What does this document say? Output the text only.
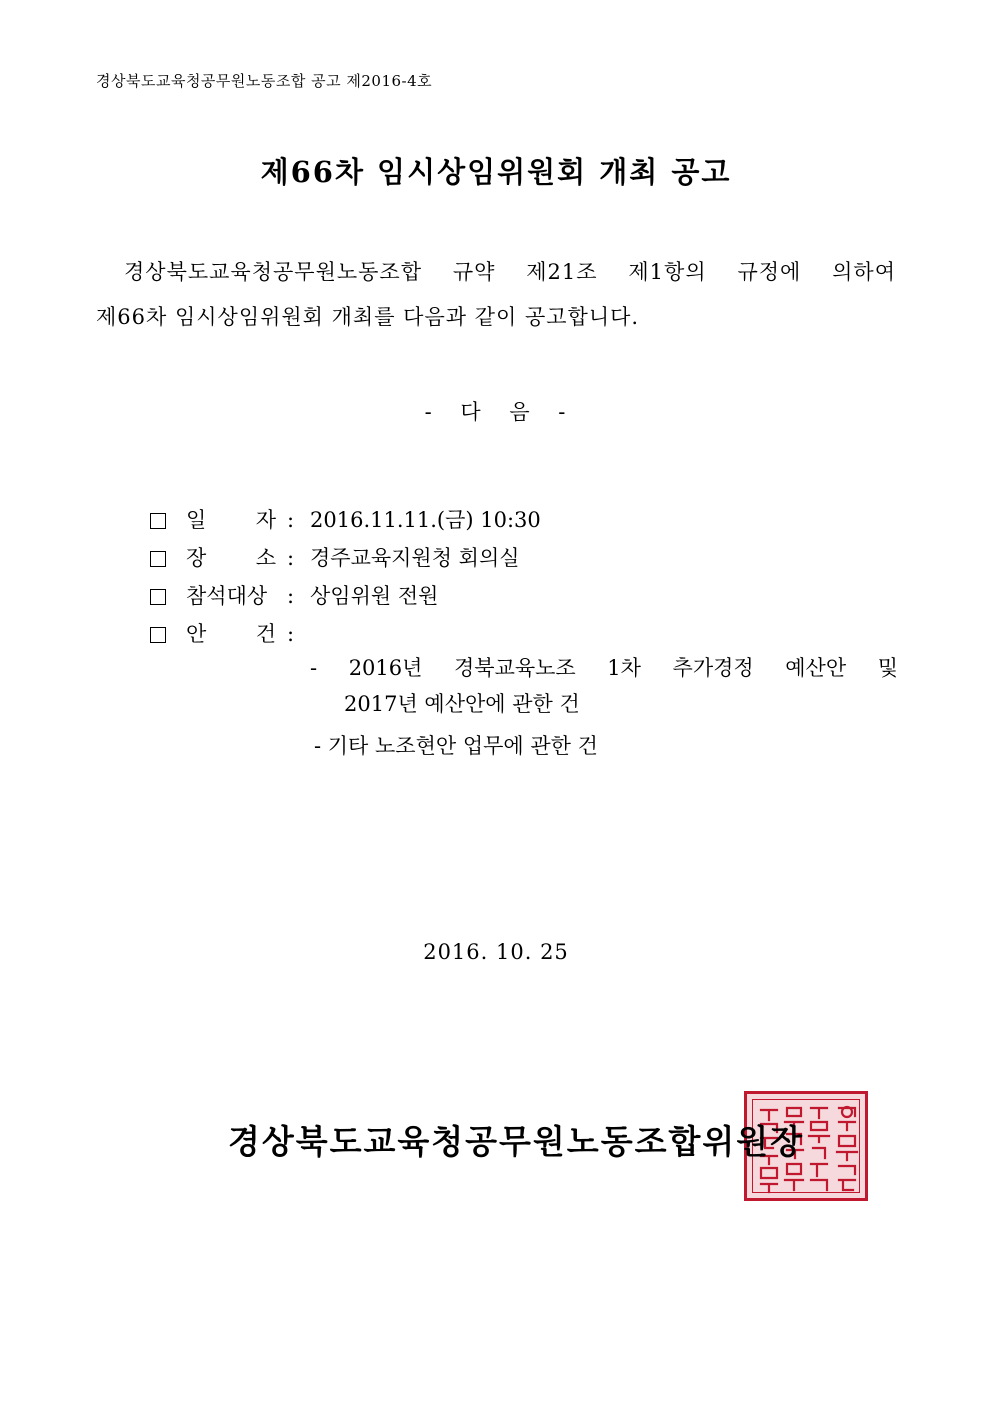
경상북도교육청공무원노동조합 공고 제2016-4호
제66차 임시상임위원회 개최 공고
경상북도교육청공무원노동조합 규약 제21조 제1항의 규정에 의하여
제66차 임시상임위원회 개최를 다음과 같이 공고합니다.
- 다 음 -
일 자 : 2016.11.11.(금) 10:30
장 소 : 경주교육지원청 회의실
참석대상 : 상임위원 전원
안 건 :
- 2016년 경북교육노조 1차 추가경정 예산안 및
2017년 예산안에 관한 건
- 기타 노조현안 업무에 관한 건
2016. 10. 25
경상북도교육청공무원노동조합위원장
